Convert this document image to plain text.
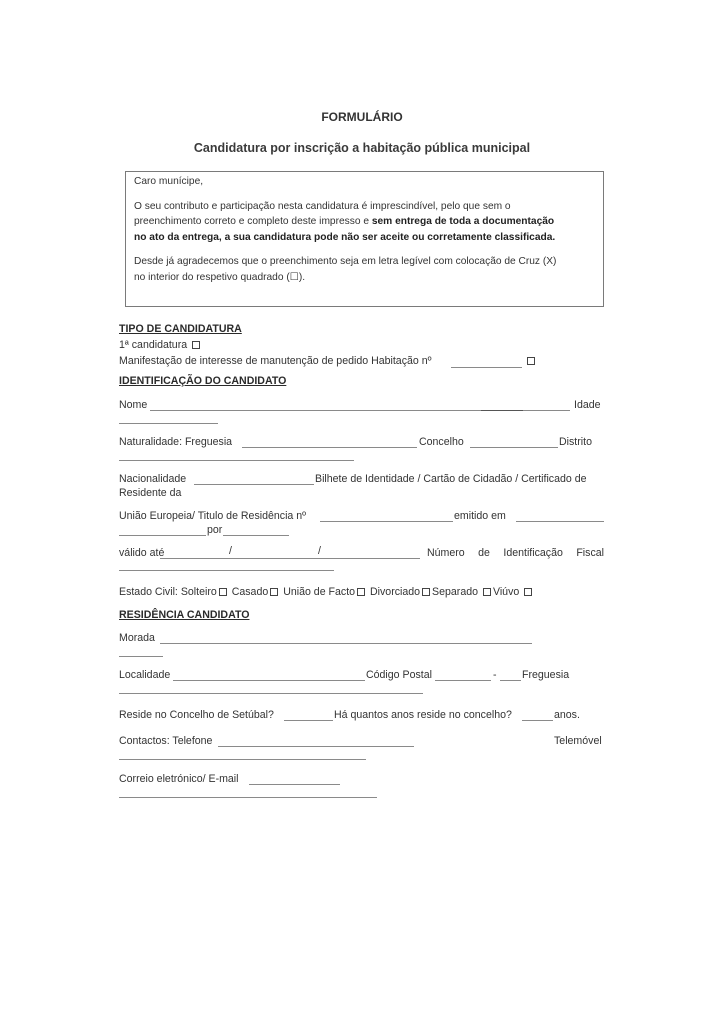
FORMULÁRIO
Candidatura por inscrição a habitação pública municipal

Caro munícipe,

O seu contributo e participação nesta candidatura é imprescindível, pelo que sem o

preenchimento correto e completo deste impresso e sem entrega de toda a documentação

no ato da entrega, a sua candidatura pode não ser aceite ou corretamente classificada.

Desde já agradecemos que o preenchimento seja em letra legível com colocação de Cruz (X)

no interior do respetivo quadrado (☐).

TIPO DE CANDIDATURA
1ª candidatura
Manifestação de interesse de manutenção de pedido Habitação nº
IDENTIFICAÇÃO DO CANDIDATO
Nome	Idade
Naturalidade: Freguesia	Concelho	Distrito
Nacionalidade	Bilhete de Identidade / Cartão de Cidadão / Certificado de
Residente da
União Europeia/ Titulo de Residência nº	emitido em
por
válido até	/	/	Número de Identificação Fiscal
Estado Civil: Solteiro Casado União de Facto Divorciado Separado Viúvo
RESIDÊNCIA CANDIDATO
Morada
Localidade	Código Postal	- Freguesia
Reside no Concelho de Setúbal?	Há quantos anos reside no concelho?	anos.
Contactos: Telefone	Telemóvel
Correio eletrónico/ E-mail
